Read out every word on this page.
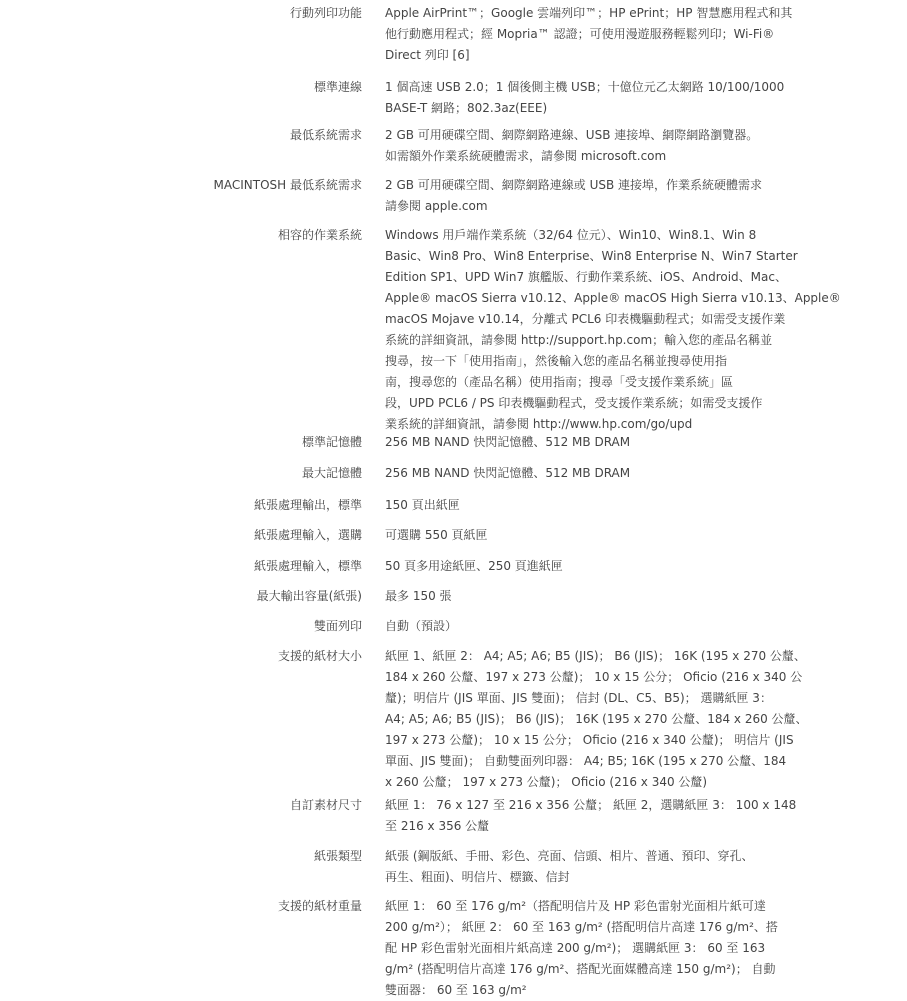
行動列印功能 Apple AirPrint™；Google 雲端列印™；HP ePrint；HP 智慧應用程式和其
他行動應用程式；經 Mopria™ 認證；可使用漫遊服務輕鬆列印；Wi-Fi®
Direct 列印 [6]
標準連線 1 個高速 USB 2.0；1 個後側主機 USB；十億位元乙太網路 10/100/1000
BASE-T 網路；802.3az(EEE)
最低系統需求 2 GB 可用硬碟空間、網際網路連線、USB 連接埠、網際網路瀏覽器。
如需額外作業系統硬體需求，請參閱 microsoft.com
MACINTOSH 最低系統需求 2 GB 可用硬碟空間、網際網路連線或 USB 連接埠，作業系統硬體需求
請參閱 apple.com
相容的作業系統 Windows 用戶端作業系統（32/64 位元）、Win10、Win8.1、Win 8
Basic、Win8 Pro、Win8 Enterprise、Win8 Enterprise N、Win7 Starter
Edition SP1、UPD Win7 旗艦版、行動作業系統、iOS、Android、Mac、
Apple® macOS Sierra v10.12、Apple® macOS High Sierra v10.13、Apple®
macOS Mojave v10.14，分離式 PCL6 印表機驅動程式；如需受支援作業
系統的詳細資訊，請參閱 http://support.hp.com；輸入您的產品名稱並
搜尋，按一下「使用指南」，然後輸入您的產品名稱並搜尋使用指
南，搜尋您的（產品名稱）使用指南；搜尋「受支援作業系統」區
段，UPD PCL6 / PS 印表機驅動程式，受支援作業系統；如需受支援作
業系統的詳細資訊，請參閱 http://www.hp.com/go/upd
標準記憶體 256 MB NAND 快閃記憶體、512 MB DRAM
最大記憶體 256 MB NAND 快閃記憶體、512 MB DRAM
紙張處理輸出，標準 150 頁出紙匣
紙張處理輸入，選購 可選購 550 頁紙匣
紙張處理輸入，標準 50 頁多用途紙匣、250 頁進紙匣
最大輸出容量(紙張) 最多 150 張
雙面列印 自動（預設）
支援的紙材大小 紙匣 1、紙匣 2： A4; A5; A6; B5 (JIS)； B6 (JIS)； 16K (195 x 270 公釐、
184 x 260 公釐、197 x 273 公釐)； 10 x 15 公分； Oficio (216 x 340 公
釐)；明信片 (JIS 單面、JIS 雙面)； 信封 (DL、C5、B5)； 選購紙匣 3：
A4; A5; A6; B5 (JIS)； B6 (JIS)； 16K (195 x 270 公釐、184 x 260 公釐、
197 x 273 公釐)； 10 x 15 公分； Oficio (216 x 340 公釐)； 明信片 (JIS
單面、JIS 雙面)； 自動雙面列印器： A4; B5; 16K (195 x 270 公釐、184
x 260 公釐； 197 x 273 公釐)； Oficio (216 x 340 公釐)
自訂素材尺寸 紙匣 1： 76 x 127 至 216 x 356 公釐； 紙匣 2，選購紙匣 3： 100 x 148
至 216 x 356 公釐
紙張類型 紙張 (鋼版紙、手冊、彩色、亮面、信頭、相片、普通、預印、穿孔、
再生、粗面)、明信片、標籤、信封
支援的紙材重量 紙匣 1： 60 至 176 g/m²（搭配明信片及 HP 彩色雷射光面相片紙可達
200 g/m²）； 紙匣 2： 60 至 163 g/m² (搭配明信片高達 176 g/m²、搭
配 HP 彩色雷射光面相片紙高達 200 g/m²)； 選購紙匣 3： 60 至 163
g/m² (搭配明信片高達 176 g/m²、搭配光面媒體高達 150 g/m²)； 自動
雙面器： 60 至 163 g/m²
